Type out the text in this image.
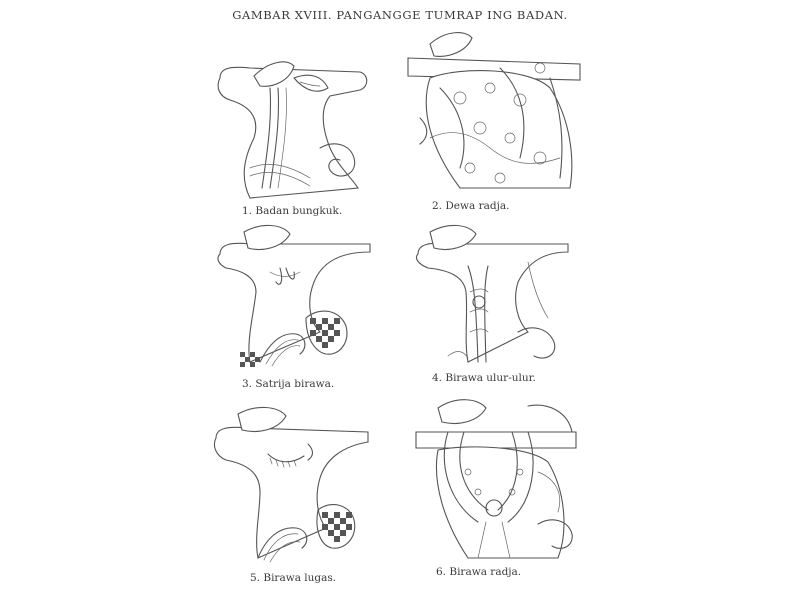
GAMBAR XVIII. PANGANGGE TUMRAP ING BADAN.
1. Badan bungkuk.	2. Dewa radja.
3. Satrija birawa.	4. Birawa ulur-ulur.
5. Birawa lugas.	6. Birawa radja.
